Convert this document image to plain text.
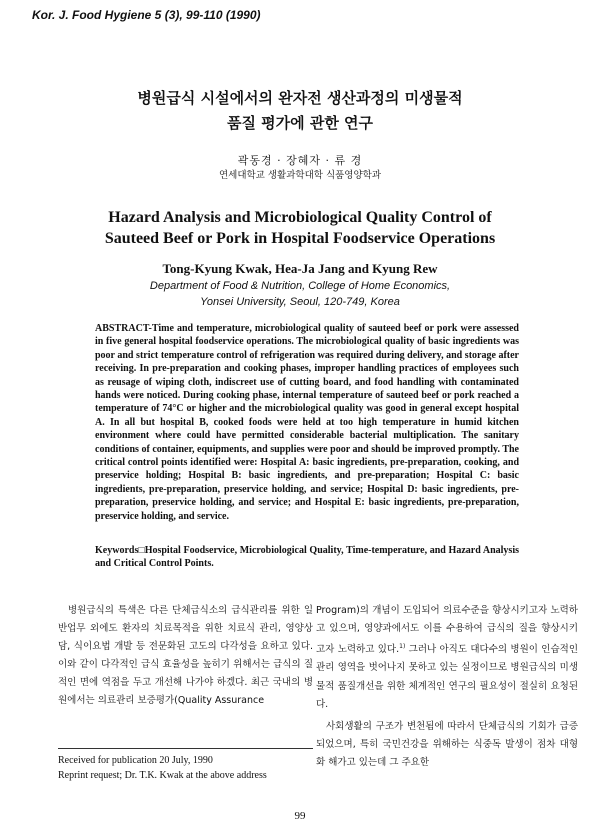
Kor. J. Food Hygiene 5 (3), 99-110 (1990)
병원급식 시설에서의 완자전 생산과정의 미생물적
품질 평가에 관한 연구
곽동경 · 장혜자 · 류 경
연세대학교 생활과학대학 식품영양학과
Hazard Analysis and Microbiological Quality Control of
Sauteed Beef or Pork in Hospital Foodservice Operations
Tong-Kyung Kwak, Hea-Ja Jang and Kyung Rew
Department of Food & Nutrition, College of Home Economics,
Yonsei University, Seoul, 120-749, Korea
ABSTRACT-Time and temperature, microbiological quality of sauteed beef or pork were assessed in five general hospital foodservice operations. The microbiological quality of basic ingredients was poor and strict temperature control of refrigeration was required during delivery, and storage after receiving. In pre-preparation and cooking phases, improper handling practices of employees such as reusage of wiping cloth, indiscreet use of cutting board, and food handling with contaminated hands were noticed. During cooking phase, internal temperature of sauteed beef or pork reached a temperature of 74°C or higher and the microbiological quality was good in general except hospital A. In all but hospital B, cooked foods were held at too high temperature in humid kitchen environment where could have permitted considerable bacterial multiplication. The sanitary conditions of container, equipments, and supplies were poor and should be improved promptly. The critical control points identified were: Hospital A: basic ingredients, pre-preparation, cooking, and preservice holding; Hospital B: basic ingredients, and pre-preparation; Hospital C: basic ingredients, pre-preparation, preservice holding, and service; Hospital D: basic ingredients, pre-preparation, preservice holding, and service; and Hospital E: basic ingredients, pre-preparation, preservice holding, and service.
Keywords□Hospital Foodservice, Microbiological Quality, Time-temperature, and Hazard Analysis and Critical Control Points.

병원급식의 특색은 다른 단체급식소의 급식관리를 위한 일반업무 외에도 환자의 치료목적을 위한 치료식 관리, 영양상담, 식이요법 개발 등 전문화된 고도의 다각성을 요하고 있다. 이와 같이 다각적인 급식 효율성을 높히기 위해서는 급식의 질적인 면에 역점을 두고 개선해 나가야 하겠다. 최근 국내의 병원에서는 의료관리 보증평가(Quality Assurance

Program)의 개념이 도입되어 의료수준을 향상시키고자 노력하고 있으며, 영양과에서도 이를 수용하여 급식의 질을 향상시키고자 노력하고 있다.$^{1)}$ 그러나 아직도 대다수의 병원이 인습적인 관리 영역을 벗어나지 못하고 있는 실정이므로 병원급식의 미생물적 품질개선을 위한 체계적인 연구의 필요성이 절실히 요청된다.

사회생활의 구조가 변천됨에 따라서 단체급식의 기회가 급증되었으며, 특히 국민건강을 위해하는 식중독 발생이 점차 대형화 해가고 있는데 그 주요한

Received for publication 20 July, 1990
Reprint request; Dr. T.K. Kwak at the above address
99
